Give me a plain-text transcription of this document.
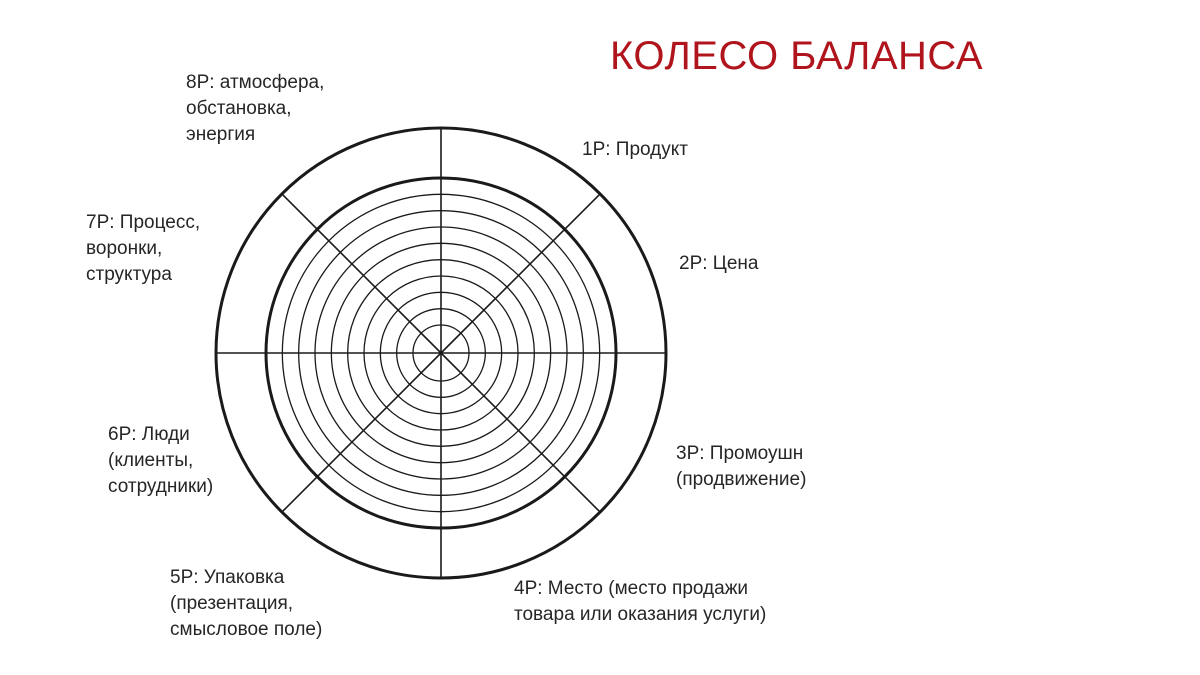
КОЛЕСО БАЛАНСА
1P: Продукт
2P: Цена
3P: Промоушн
(продвижение)
4P: Место (место продажи
товара или оказания услуги)
5P: Упаковка
(презентация,
смысловое поле)
6P: Люди
(клиенты,
сотрудники)
7P: Процесс,
воронки,
структура
8P: атмосфера,
обстановка,
энергия
